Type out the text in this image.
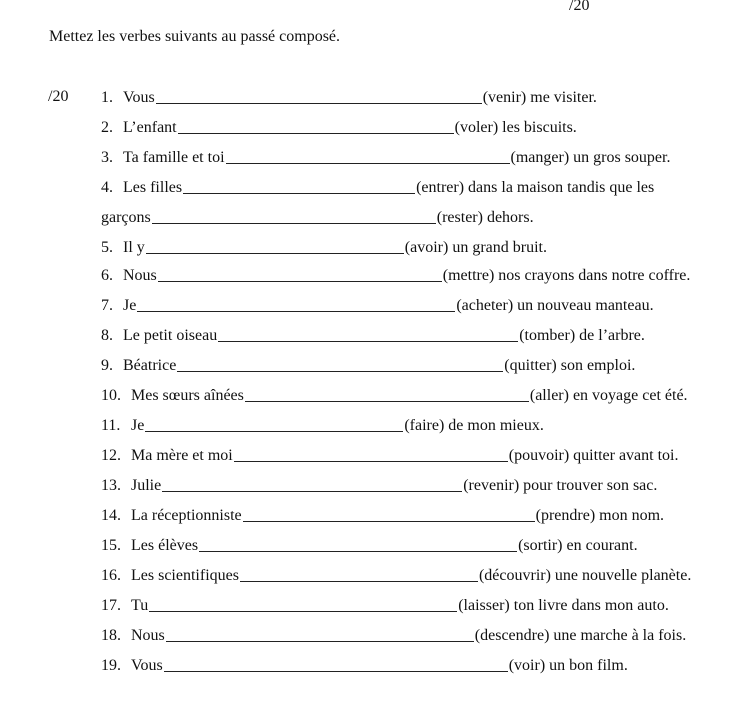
/20
Mettez les verbes suivants au passé composé.
/20 1. Vous	(venir) me visiter.
2. L’enfant	(voler) les biscuits.
3. Ta famille et toi	(manger) un gros souper.
4. Les filles	(entrer) dans la maison tandis que les
garçons	(rester) dehors.
5. Il y	(avoir) un grand bruit.
6. Nous	(mettre) nos crayons dans notre coffre.
7. Je	(acheter) un nouveau manteau.
8. Le petit oiseau	(tomber) de l’arbre.
9. Béatrice	(quitter) son emploi.
10. Mes sœurs aînées	(aller) en voyage cet été.
11. Je	(faire) de mon mieux.
12. Ma mère et moi	(pouvoir) quitter avant toi.
13. Julie	(revenir) pour trouver son sac.
14. La réceptionniste	(prendre) mon nom.
15. Les élèves	(sortir) en courant.
16. Les scientifiques	(découvrir) une nouvelle planète.
17. Tu	(laisser) ton livre dans mon auto.
18. Nous	(descendre) une marche à la fois.
19. Vous	(voir) un bon film.
